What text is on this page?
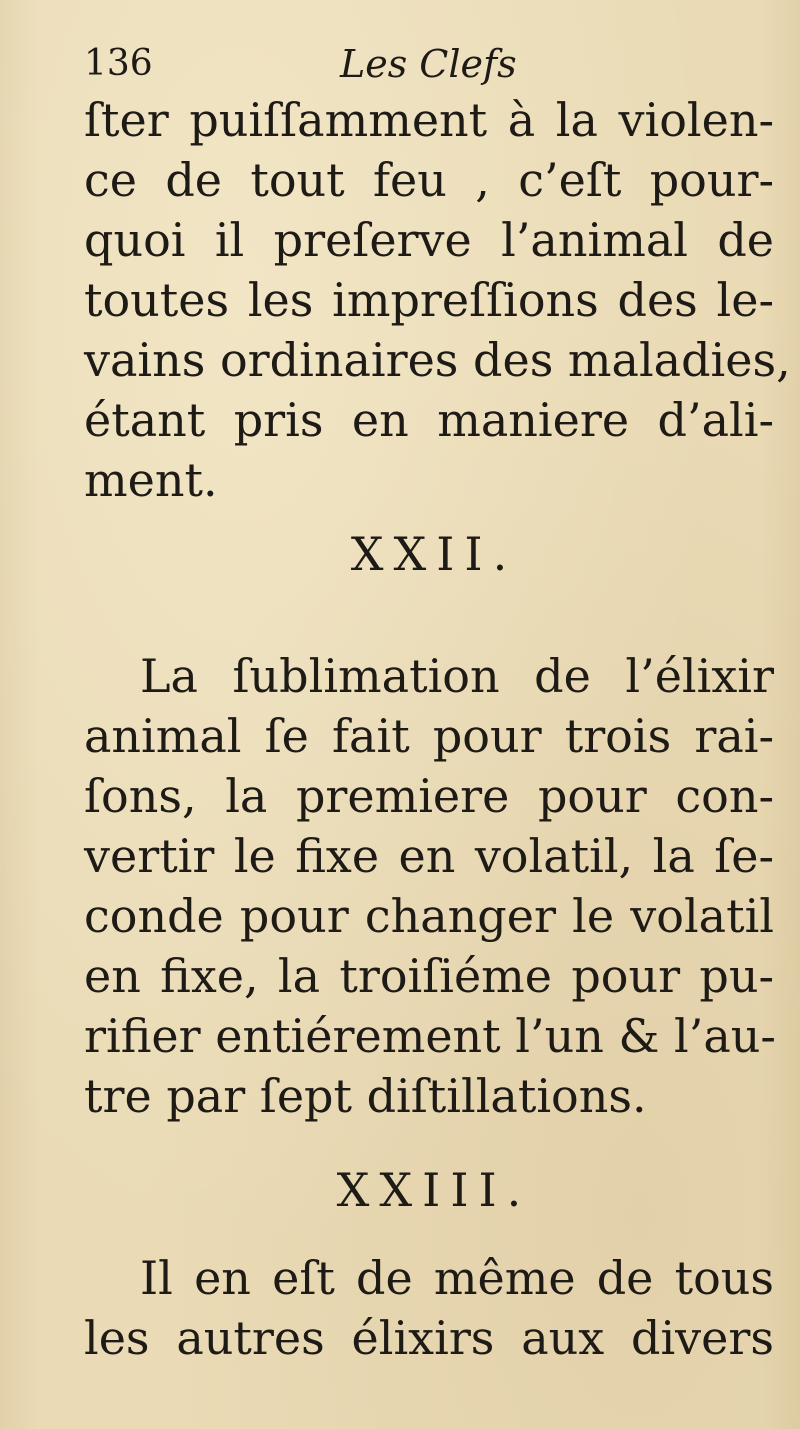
136	Les Clefs
ſter puiſſamment à la violen-
ce de tout feu , c’eſt pour-
quoi il preſerve l’animal de
toutes les impreſſions des le-
vains ordinaires des maladies,
étant pris en maniere d’ali-
ment.
XXII.
La ſublimation de l’élixir
animal ſe fait pour trois rai-
ſons, la premiere pour con-
vertir le fixe en volatil, la ſe-
conde pour changer le volatil
en fixe, la troiſiéme pour pu-
rifier entiérement l’un & l’au-
tre par ſept diſtillations.
XXIII.
Il en eſt de même de tous
les autres élixirs aux divers
